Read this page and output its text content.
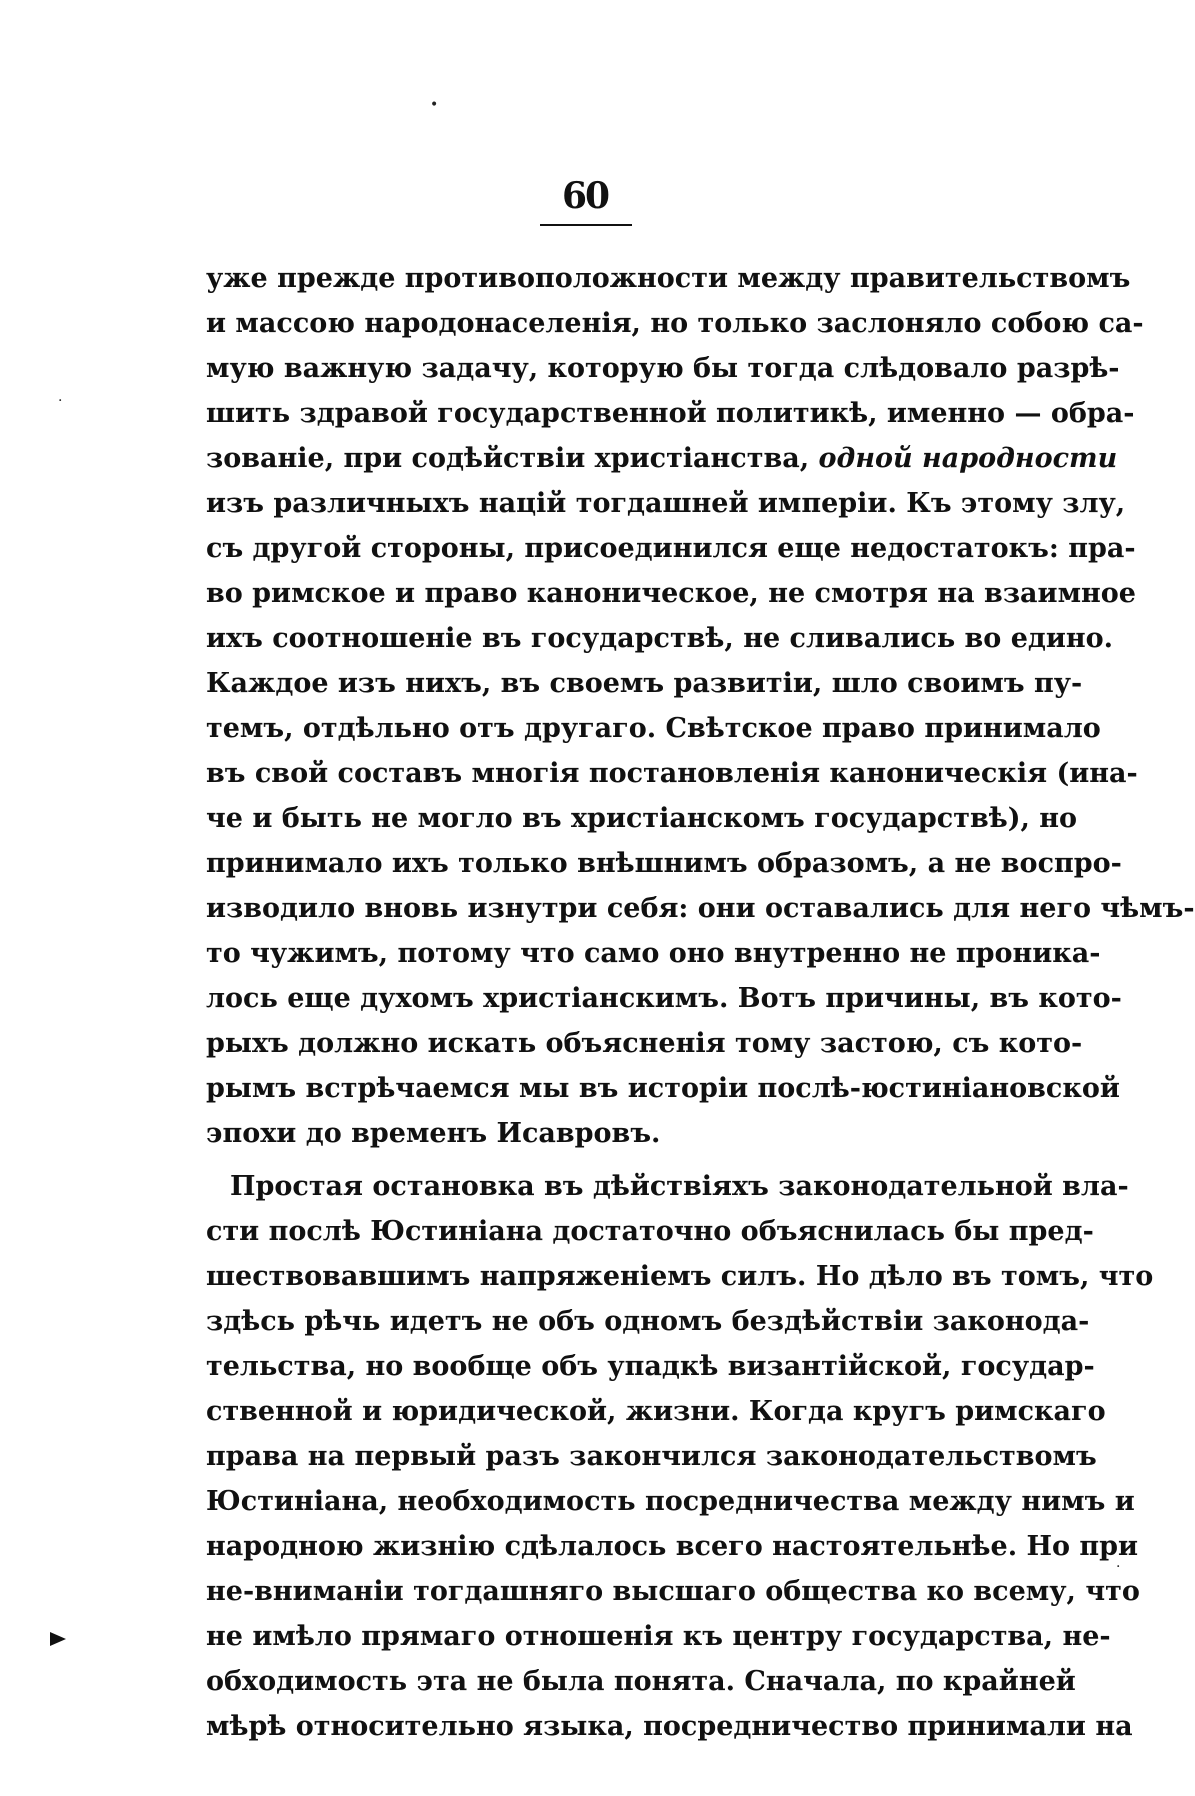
60
уже прежде противоположности между правительствомъ
и массою народонаселенія, но только заслоняло собою са-
мую важную задачу, которую бы тогда слѣдовало разрѣ-
шить здравой государственной политикѣ, именно — обра-
зованіе, при содѣйствіи христіанства, одной народности
изъ различныхъ націй тогдашней имперіи. Къ этому злу,
съ другой стороны, присоединился еще недостатокъ: пра-
во римское и право каноническое, не смотря на взаимное
ихъ соотношеніе въ государствѣ, не сливались во едино.
Каждое изъ нихъ, въ своемъ развитіи, шло своимъ пу-
темъ, отдѣльно отъ другаго. Свѣтское право принимало
въ свой составъ многія постановленія каноническія (ина-
че и быть не могло въ христіанскомъ государствѣ), но
принимало ихъ только внѣшнимъ образомъ, а не воспро-
изводило вновь изнутри себя: они оставались для него чѣмъ-
то чужимъ, потому что само оно внутренно не проника-
лось еще духомъ христіанскимъ. Вотъ причины, въ кото-
рыхъ должно искать объясненія тому застою, съ кото-
рымъ встрѣчаемся мы въ исторіи послѣ-юстиніановской
эпохи до временъ Исавровъ.
Простая остановка въ дѣйствіяхъ законодательной вла-
сти послѣ Юстиніана достаточно объяснилась бы пред-
шествовавшимъ напряженіемъ силъ. Но дѣло въ томъ, что
здѣсь рѣчь идетъ не объ одномъ бездѣйствіи законода-
тельства, но вообще объ упадкѣ византійской, государ-
ственной и юридической, жизни. Когда кругъ римскаго
права на первый разъ закончился законодательствомъ
Юстиніана, необходимость посредничества между нимъ и
народною жизнію сдѣлалось всего настоятельнѣе. Но при
не-вниманіи тогдашняго высшаго общества ко всему, что
не имѣло прямаго отношенія къ центру государства, не-
обходимость эта не была понята. Сначала, по крайней
мѣрѣ относительно языка, посредничество принимали на
•
·
·
